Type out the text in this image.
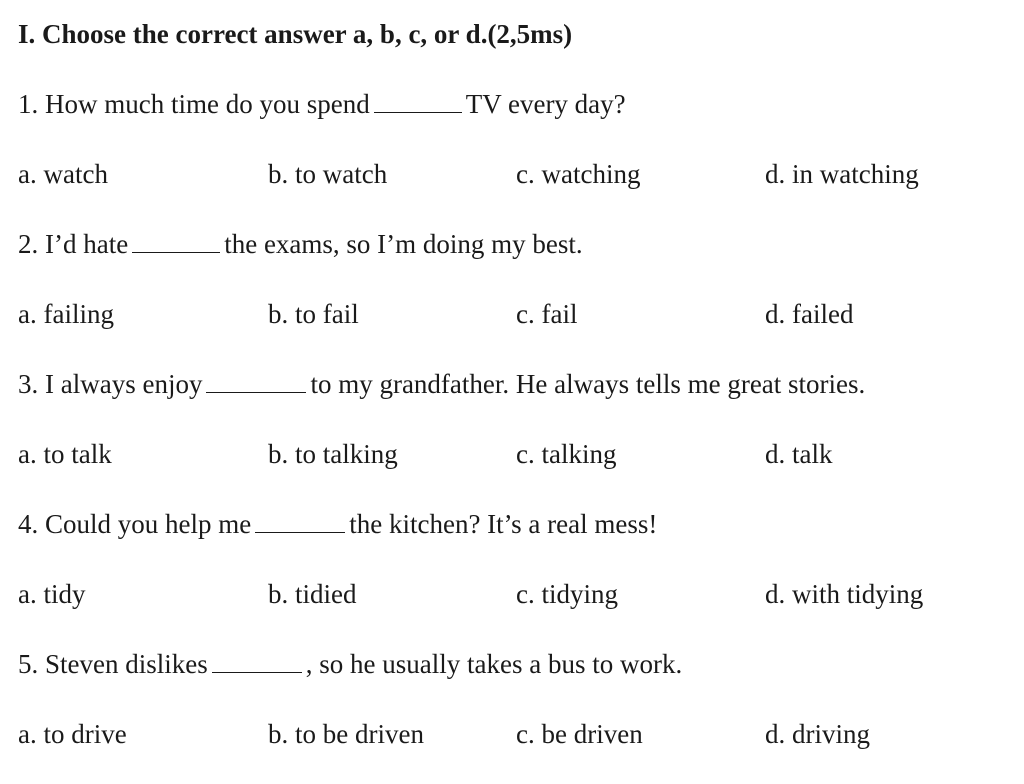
I. Choose the correct answer a, b, c, or d.(2,5ms)
1. How much time do you spend	TV every day?
a. watch	b. to watch	c. watching	d. in watching
2. I’d hate	the exams, so I’m doing my best.
a. failing	b. to fail	c. fail	d. failed
3. I always enjoy	to my grandfather. He always tells me great stories.
a. to talk	b. to talking	c. talking	d. talk
4. Could you help me	the kitchen? It’s a real mess!
a. tidy	b. tidied	c. tidying	d. with tidying
5. Steven dislikes	, so he usually takes a bus to work.
a. to drive	b. to be driven	c. be driven	d. driving
